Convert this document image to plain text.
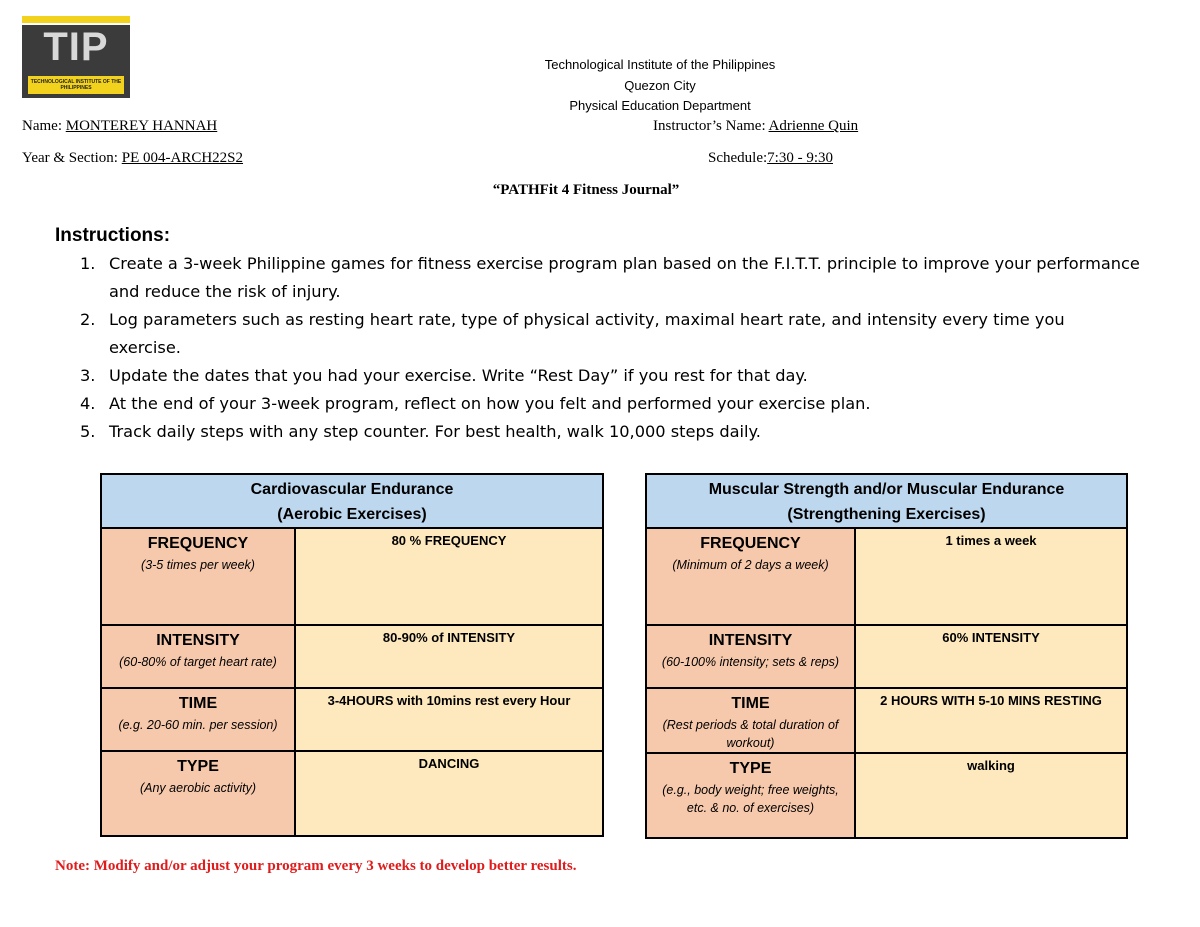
TIP
TECHNOLOGICAL INSTITUTE OF THE PHILIPPINES
Technological Institute of the Philippines
Quezon City
Physical Education Department
Name: MONTEREY HANNAH	Instructor’s Name: Adrienne Quin
Year & Section: PE 004-ARCH22S2	Schedule:7:30 - 9:30
“PATHFit 4 Fitness Journal”
Instructions:
1. Create a 3-week Philippine games for fitness exercise program plan based on the F.I.T.T. principle to improve your performance and reduce the risk of injury.
2. Log parameters such as resting heart rate, type of physical activity, maximal heart rate, and intensity every time you exercise.
3. Update the dates that you had your exercise. Write “Rest Day” if you rest for that day.
4. At the end of your 3-week program, reflect on how you felt and performed your exercise plan.
5. Track daily steps with any step counter. For best health, walk 10,000 steps daily.
Cardiovascular Endurance
(Aerobic Exercises)	

FREQUENCY
(3-5 times per week)	80 % FREQUENCY

INTENSITY
(60-80% of target heart rate)	80-90% of INTENSITY

TIME
(e.g. 20-60 min. per session)	3-4HOURS with 10mins rest every Hour

TYPE
(Any aerobic activity)	DANCING
Muscular Strength and/or Muscular Endurance
(Strengthening Exercises)	

FREQUENCY
(Minimum of 2 days a week)	1 times a week

INTENSITY
(60-100% intensity; sets & reps)	60% INTENSITY

TIME
(Rest periods & total duration of workout)	2 HOURS WITH 5-10 MINS RESTING

TYPE
(e.g., body weight; free weights, etc. & no. of exercises)	walking
Note: Modify and/or adjust your program every 3 weeks to develop better results.
